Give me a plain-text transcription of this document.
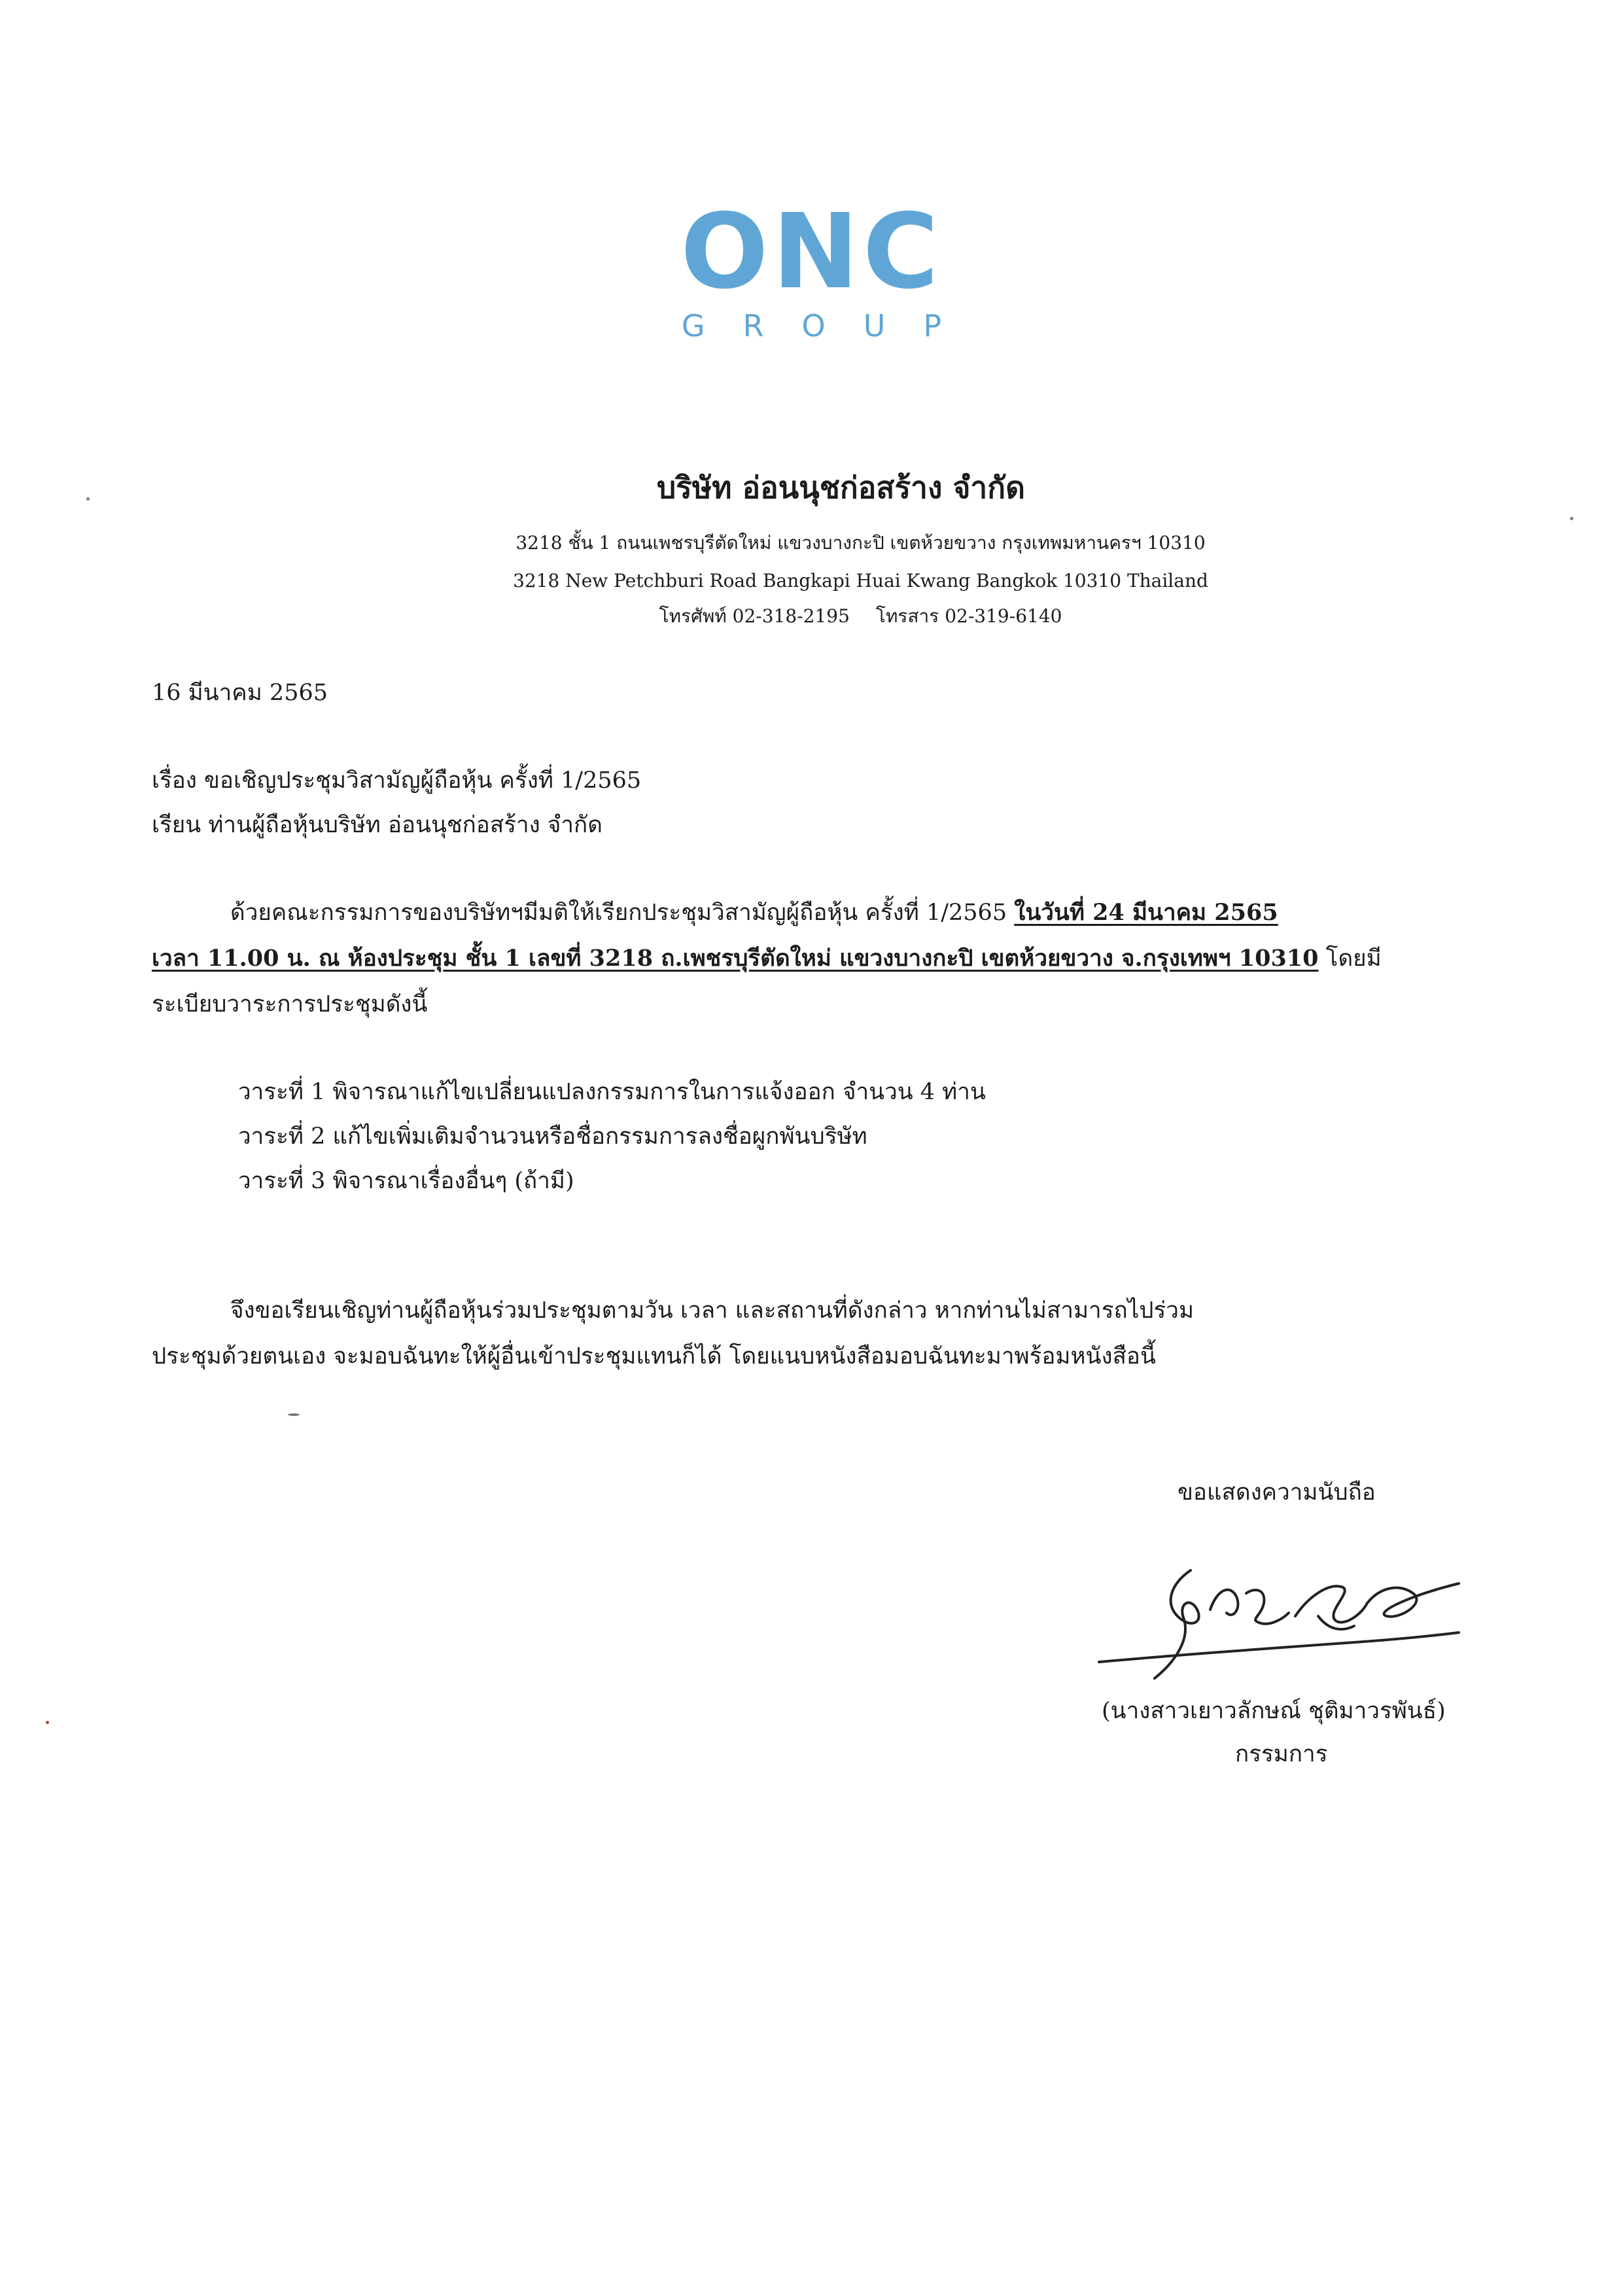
ONC
GROUP
บริษัท อ่อนนุชก่อสร้าง จำกัด
3218 ชั้น 1 ถนนเพชรบุรีตัดใหม่ แขวงบางกะปิ เขตห้วยขวาง กรุงเทพมหานครฯ 10310
3218 New Petchburi Road Bangkapi Huai Kwang Bangkok 10310 Thailand
โทรศัพท์ 02-318-2195 โทรสาร 02-319-6140
16 มีนาคม 2565
เรื่อง ขอเชิญประชุมวิสามัญผู้ถือหุ้น ครั้งที่ 1/2565
เรียน ท่านผู้ถือหุ้นบริษัท อ่อนนุชก่อสร้าง จำกัด
ด้วยคณะกรรมการของบริษัทฯมีมติให้เรียกประชุมวิสามัญผู้ถือหุ้น ครั้งที่ 1/2565 ในวันที่ 24 มีนาคม 2565
เวลา 11.00 น. ณ ห้องประชุม ชั้น 1 เลขที่ 3218 ถ.เพชรบุรีตัดใหม่ แขวงบางกะปิ เขตห้วยขวาง จ.กรุงเทพฯ 10310 โดยมี
ระเบียบวาระการประชุมดังนี้
วาระที่ 1 พิจารณาแก้ไขเปลี่ยนแปลงกรรมการในการแจ้งออก จำนวน 4 ท่าน
วาระที่ 2 แก้ไขเพิ่มเติมจำนวนหรือชื่อกรรมการลงชื่อผูกพันบริษัท
วาระที่ 3 พิจารณาเรื่องอื่นๆ (ถ้ามี)
จึงขอเรียนเชิญท่านผู้ถือหุ้นร่วมประชุมตามวัน เวลา และสถานที่ดังกล่าว หากท่านไม่สามารถไปร่วม
ประชุมด้วยตนเอง จะมอบฉันทะให้ผู้อื่นเข้าประชุมแทนก็ได้ โดยแนบหนังสือมอบฉันทะมาพร้อมหนังสือนี้
ขอแสดงความนับถือ
(นางสาวเยาวลักษณ์ ชุติมาวรพันธ์)
กรรมการ
